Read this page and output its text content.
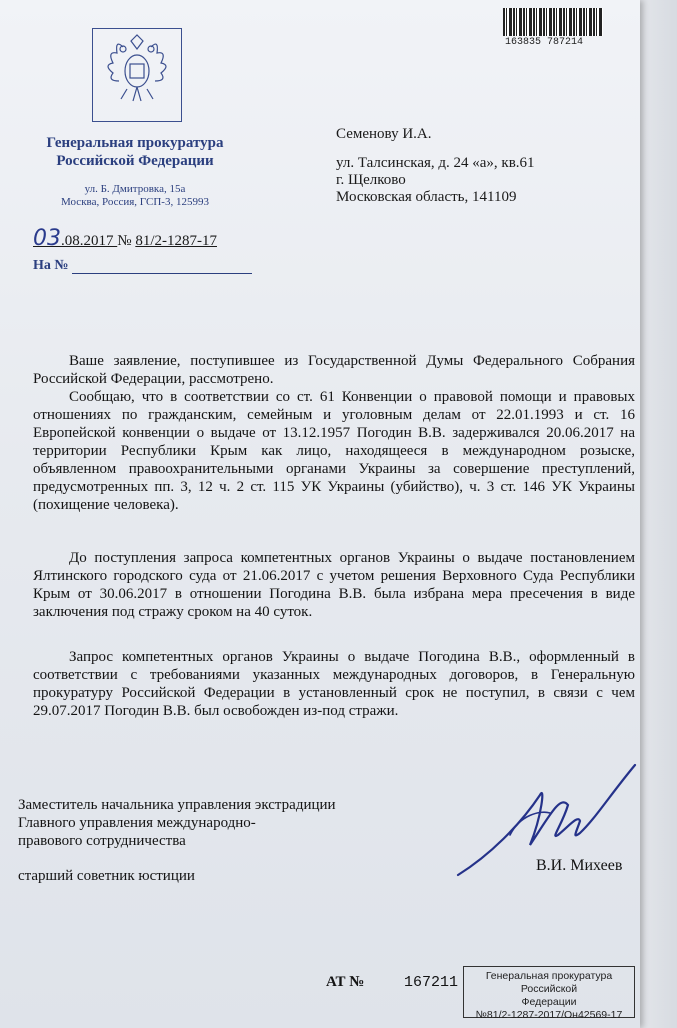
163835 787214
Генеральная прокуратура
Российской Федерации
ул. Б. Дмитровка, 15а
Москва, Россия, ГСП-3, 125993
Семенову И.А.
ул. Талсинская, д. 24 «а», кв.61
г. Щелково
Московская область, 141109
03.08.2017 № 81/2-1287-17
На №

Ваше заявление, поступившее из Государственной Думы Федерального Собрания Российской Федерации, рассмотрено.

Сообщаю, что в соответствии со ст. 61 Конвенции о правовой помощи и правовых отношениях по гражданским, семейным и уголовным делам от 22.01.1993 и ст. 16 Европейской конвенции о выдаче от 13.12.1957 Погодин В.В. задерживался 20.06.2017 на территории Республики Крым как лицо, находящееся в международном розыске, объявленном правоохранительными органами Украины за совершение преступлений, предусмотренных пп. 3, 12 ч. 2 ст. 115 УК Украины (убийство), ч. 3 ст. 146 УК Украины (похищение человека).

До поступления запроса компетентных органов Украины о выдаче постановлением Ялтинского городского суда от 21.06.2017 с учетом решения Верховного Суда Республики Крым от 30.06.2017 в отношении Погодина В.В. была избрана мера пресечения в виде заключения под стражу сроком на 40 суток.

Запрос компетентных органов Украины о выдаче Погодина В.В., оформленный в соответствии с требованиями указанных международных договоров, в Генеральную прокуратуру Российской Федерации в установленный срок не поступил, в связи с чем 29.07.2017 Погодин В.В. был освобожден из-под стражи.

Заместитель начальника управления экстрадиции
Главного управления международно-
правового сотрудничества
старший советник юстиции
В.И. Михеев
АТ №	167211	Генеральная прокуратура Российской
Федерации
№81/2-1287-2017/Он42569-17
